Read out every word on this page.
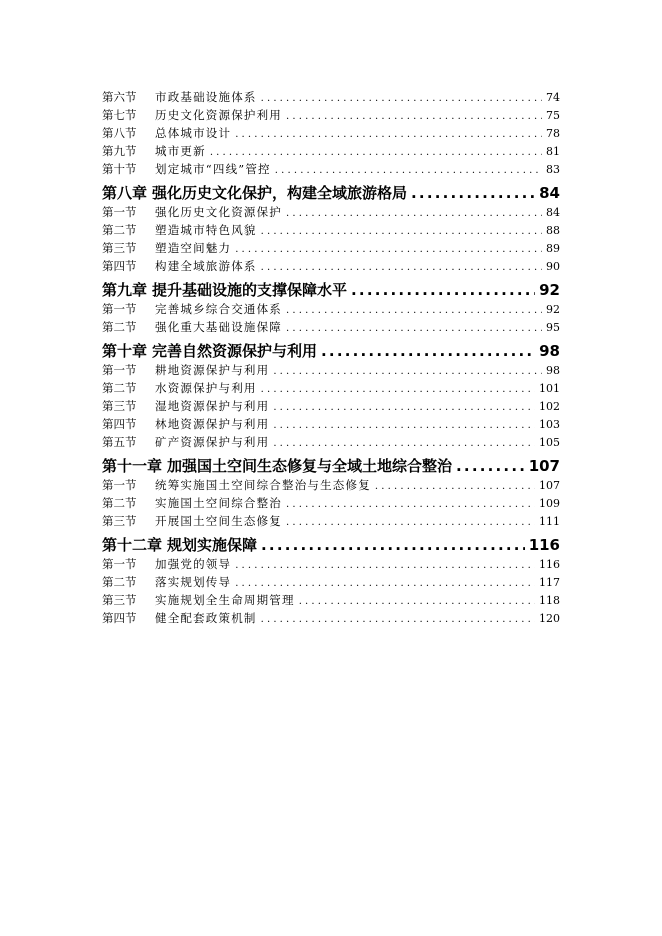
第六节	市政基础设施体系 . . .	74
第七节	历史文化资源保护利用 . . .	75
第八节	总体城市设计 . . .	78
第九节	城市更新 . . .	81
第十节	划定城市“四线”管控 . . .	83
第八章 强化历史文化保护，构建全域旅游格局 .....	84
第一节	强化历史文化资源保护 . . .	84
第二节	塑造城市特色风貌 . . .	88
第三节	塑造空间魅力 . . .	89
第四节	构建全域旅游体系 . . .	90
第九章 提升基础设施的支撑保障水平 .....	92
第一节	完善城乡综合交通体系 . . .	92
第二节	强化重大基础设施保障 . . .	95
第十章 完善自然资源保护与利用 .....	98
第一节	耕地资源保护与利用 . . .	98
第二节	水资源保护与利用 . . .	101
第三节	湿地资源保护与利用 . . .	102
第四节	林地资源保护与利用 . . .	103
第五节	矿产资源保护与利用 . . .	105
第十一章 加强国土空间生态修复与全域土地综合整治 .....	107
第一节	统筹实施国土空间综合整治与生态修复 . . .	107
第二节	实施国土空间综合整治 . . .	109
第三节	开展国土空间生态修复 . . .	111
第十二章 规划实施保障 .....	116
第一节	加强党的领导 . . .	116
第二节	落实规划传导 . . .	117
第三节	实施规划全生命周期管理 . . .	118
第四节	健全配套政策机制 . . .	120
